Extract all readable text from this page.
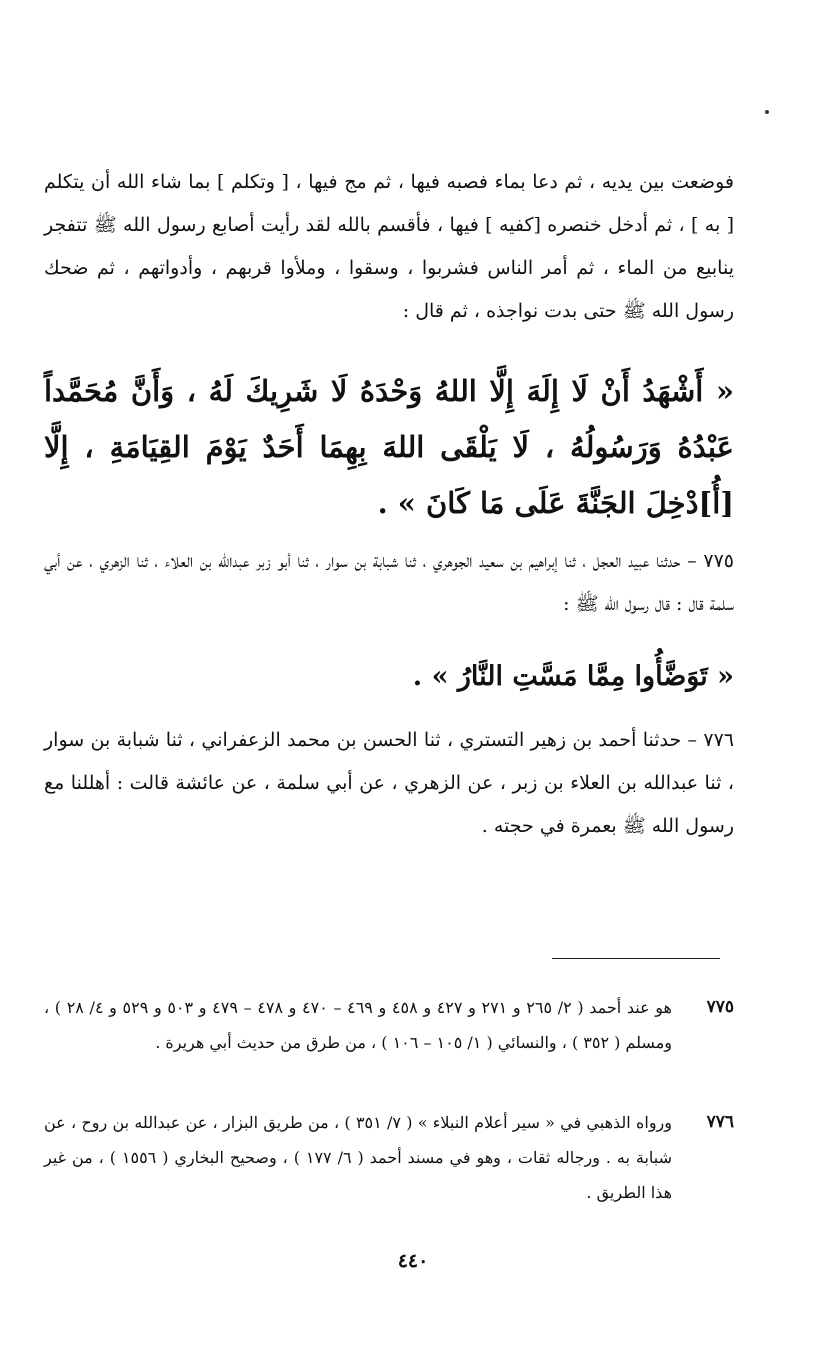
فوضعت بين يديه ، ثم دعا بماء فصبه فيها ، ثم مج فيها ، [ وتكلم ] بما شاء الله أن يتكلم [ به ] ، ثم أدخل خنصره [كفيه ] فيها ، فأقسم بالله لقد رأيت أصابع رسول الله ﷺ تتفجر ينابيع من الماء ، ثم أمر الناس فشربوا ، وسقوا ، وملأوا قربهم ، وأدواتهم ، ثم ضحك رسول الله ﷺ حتى بدت نواجذه ، ثم قال :

« أَشْهَدُ أَنْ لَا إِلَهَ إِلَّا اللهُ وَحْدَهُ لَا شَرِيكَ لَهُ ، وَأَنَّ مُحَمَّداً عَبْدُهُ وَرَسُولُهُ ، لَا يَلْقَى اللهَ بِهِمَا أَحَدٌ يَوْمَ القِيَامَةِ ، إِلَّا [أُ]دْخِلَ الجَنَّةَ عَلَى مَا كَانَ » .

٧٧٥ – حدثنا عبيد العجل ، ثنا إبراهيم بن سعيد الجوهري ، ثنا شبابة بن سوار ، ثنا أبو زبر عبدالله بن العلاء ، ثنا الزهري ، عن أبي سلمة قال : قال رسول الله ﷺ :

« تَوَضَّأُوا مِمَّا مَسَّتِ النَّارُ » .

٧٧٦ – حدثنا أحمد بن زهير التستري ، ثنا الحسن بن محمد الزعفراني ، ثنا شبابة بن سوار ، ثنا عبدالله بن العلاء بن زبر ، عن الزهري ، عن أبي سلمة ، عن عائشة قالت : أهللنا مع رسول الله ﷺ بعمرة في حجته .

٧٧٥
هو عند أحمد ( ٢/ ٢٦٥ و ٢٧١ و ٤٢٧ و ٤٥٨ و ٤٦٩ – ٤٧٠ و ٤٧٨ – ٤٧٩ و ٥٠٣ و ٥٢٩ و ٤/ ٢٨ ) ، ومسلم ( ٣٥٢ ) ، والنسائي ( ١/ ١٠٥ – ١٠٦ ) ، من طرق من حديث أبي هريرة .
٧٧٦
ورواه الذهبي في « سير أعلام النبلاء » ( ٧/ ٣٥١ ) ، من طريق البزار ، عن عبدالله بن روح ، عن شبابة به . ورجاله ثقات ، وهو في مسند أحمد ( ٦/ ١٧٧ ) ، وصحيح البخاري ( ١٥٥٦ ) ، من غير هذا الطريق .
٤٤٠
